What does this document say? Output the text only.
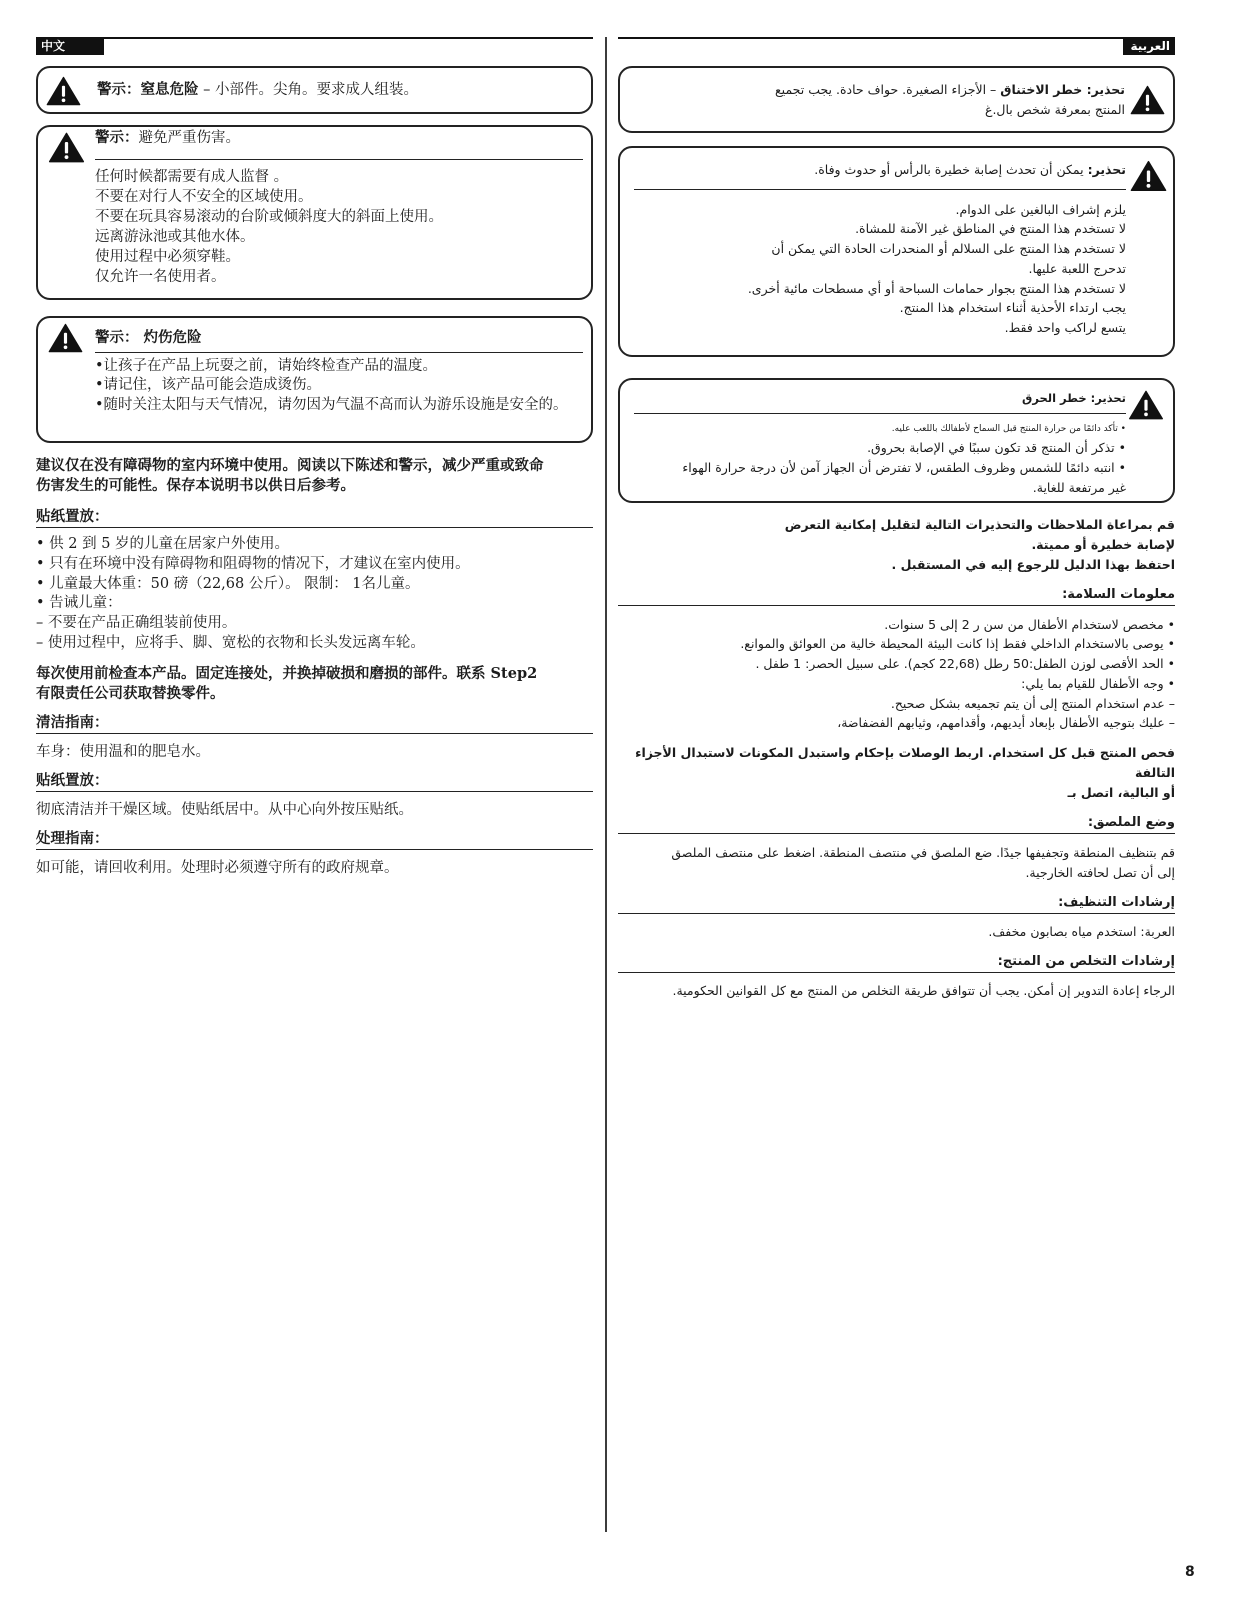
中文
警示：窒息危险 – 小部件。尖角。要求成人组装。
警示：避免严重伤害。
任何时候都需要有成人监督 。
不要在对行人不安全的区域使用。
不要在玩具容易滚动的台阶或倾斜度大的斜面上使用。
远离游泳池或其他水体。
使用过程中必须穿鞋。
仅允许一名使用者。
警示： 灼伤危险
•让孩子在产品上玩耍之前，请始终检查产品的温度。
•请记住，该产品可能会造成烫伤。
•随时关注太阳与天气情况，请勿因为气温不高而认为游乐设施是安全的。
建议仅在没有障碍物的室内环境中使用。阅读以下陈述和警示，减少严重或致命
伤害发生的可能性。保存本说明书以供日后参考。
贴纸置放：
• 供 2 到 5 岁的儿童在居家户外使用。
• 只有在环境中没有障碍物和阻碍物的情况下，才建议在室内使用。
• 儿童最大体重：50 磅（22,68 公斤）。 限制： 1名儿童。
• 告诫儿童：
– 不要在产品正确组装前使用。
– 使用过程中，应将手、脚、宽松的衣物和长头发远离车轮。
每次使用前检查本产品。固定连接处，并换掉破损和磨损的部件。联系 Step2
有限责任公司获取替换零件。
清洁指南：
车身：使用温和的肥皂水。
贴纸置放：
彻底清洁并干燥区域。使贴纸居中。从中心向外按压贴纸。
处理指南：
如可能，请回收利用。处理时必须遵守所有的政府规章。
العربية
تحذير: خطر الاختناق – الأجزاء الصغيرة. حواف حادة. يجب تجميع
المنتج بمعرفة شخص بال.غ
تحذير: يمكن أن تحدث إصابة خطيرة بالرأس أو حدوث وفاة.
يلزم إشراف البالغين على الدوام.
لا تستخدم هذا المنتج في المناطق غير الآمنة للمشاة.
لا تستخدم هذا المنتج على السلالم أو المنحدرات الحادة التي يمكن أن
تدحرج اللعبة عليها.
لا تستخدم هذا المنتج بجوار حمامات السباحة أو أي مسطحات مائية أخرى.
يجب ارتداء الأحذية أثناء استخدام هذا المنتج.
يتسع لراكب واحد فقط.
تحذير: خطر الحرق
• تأكد دائمًا من حرارة المنتج قبل السماح لأطفالك باللعب عليه.
• تذكر أن المنتج قد تكون سببًا في الإصابة بحروق.
• انتبه دائمًا للشمس وظروف الطقس، لا تفترض أن الجهاز آمن لأن درجة حرارة الهواء
غير مرتفعة للغاية.
قم بمراعاة الملاحظات والتحذيرات التالية لتقليل إمكانية التعرض
لإصابة خطيرة أو مميتة.
احتفظ بهذا الدليل للرجوع إليه في المستقبل .
معلومات السلامة:
• مخصص لاستخدام الأطفال من سن ر 2 إلى 5 سنوات.
• يوصى بالاستخدام الداخلي فقط إذا كانت البيئة المحيطة خالية من العوائق والموانع.
• الحد الأقصى لوزن الطفل:50 رطل (22,68 كجم). على سبيل الحصر: 1 طفل .
• وجه الأطفال للقيام بما يلي:
– عدم استخدام المنتج إلى أن يتم تجميعه بشكل صحيح.
– عليك بتوجيه الأطفال بإبعاد أيديهم، وأقدامهم، وثيابهم الفضفاضة،
فحص المنتج قبل كل استخدام. اربط الوصلات بإحكام واستبدل المكونات لاستبدال الأجزاء التالفة
أو البالية، اتصل بـ
وضع الملصق:
قم بتنظيف المنطقة وتجفيفها جيدًا. ضع الملصق في منتصف المنطقة. اضغط على منتصف الملصق
إلى أن تصل لحافته الخارجية.
إرشادات التنظيف:
العربة: استخدم مياه بصابون مخفف.
إرشادات التخلص من المنتج:
الرجاء إعادة التدوير إن أمكن. يجب أن تتوافق طريقة التخلص من المنتج مع كل القوانين الحكومية.
8
